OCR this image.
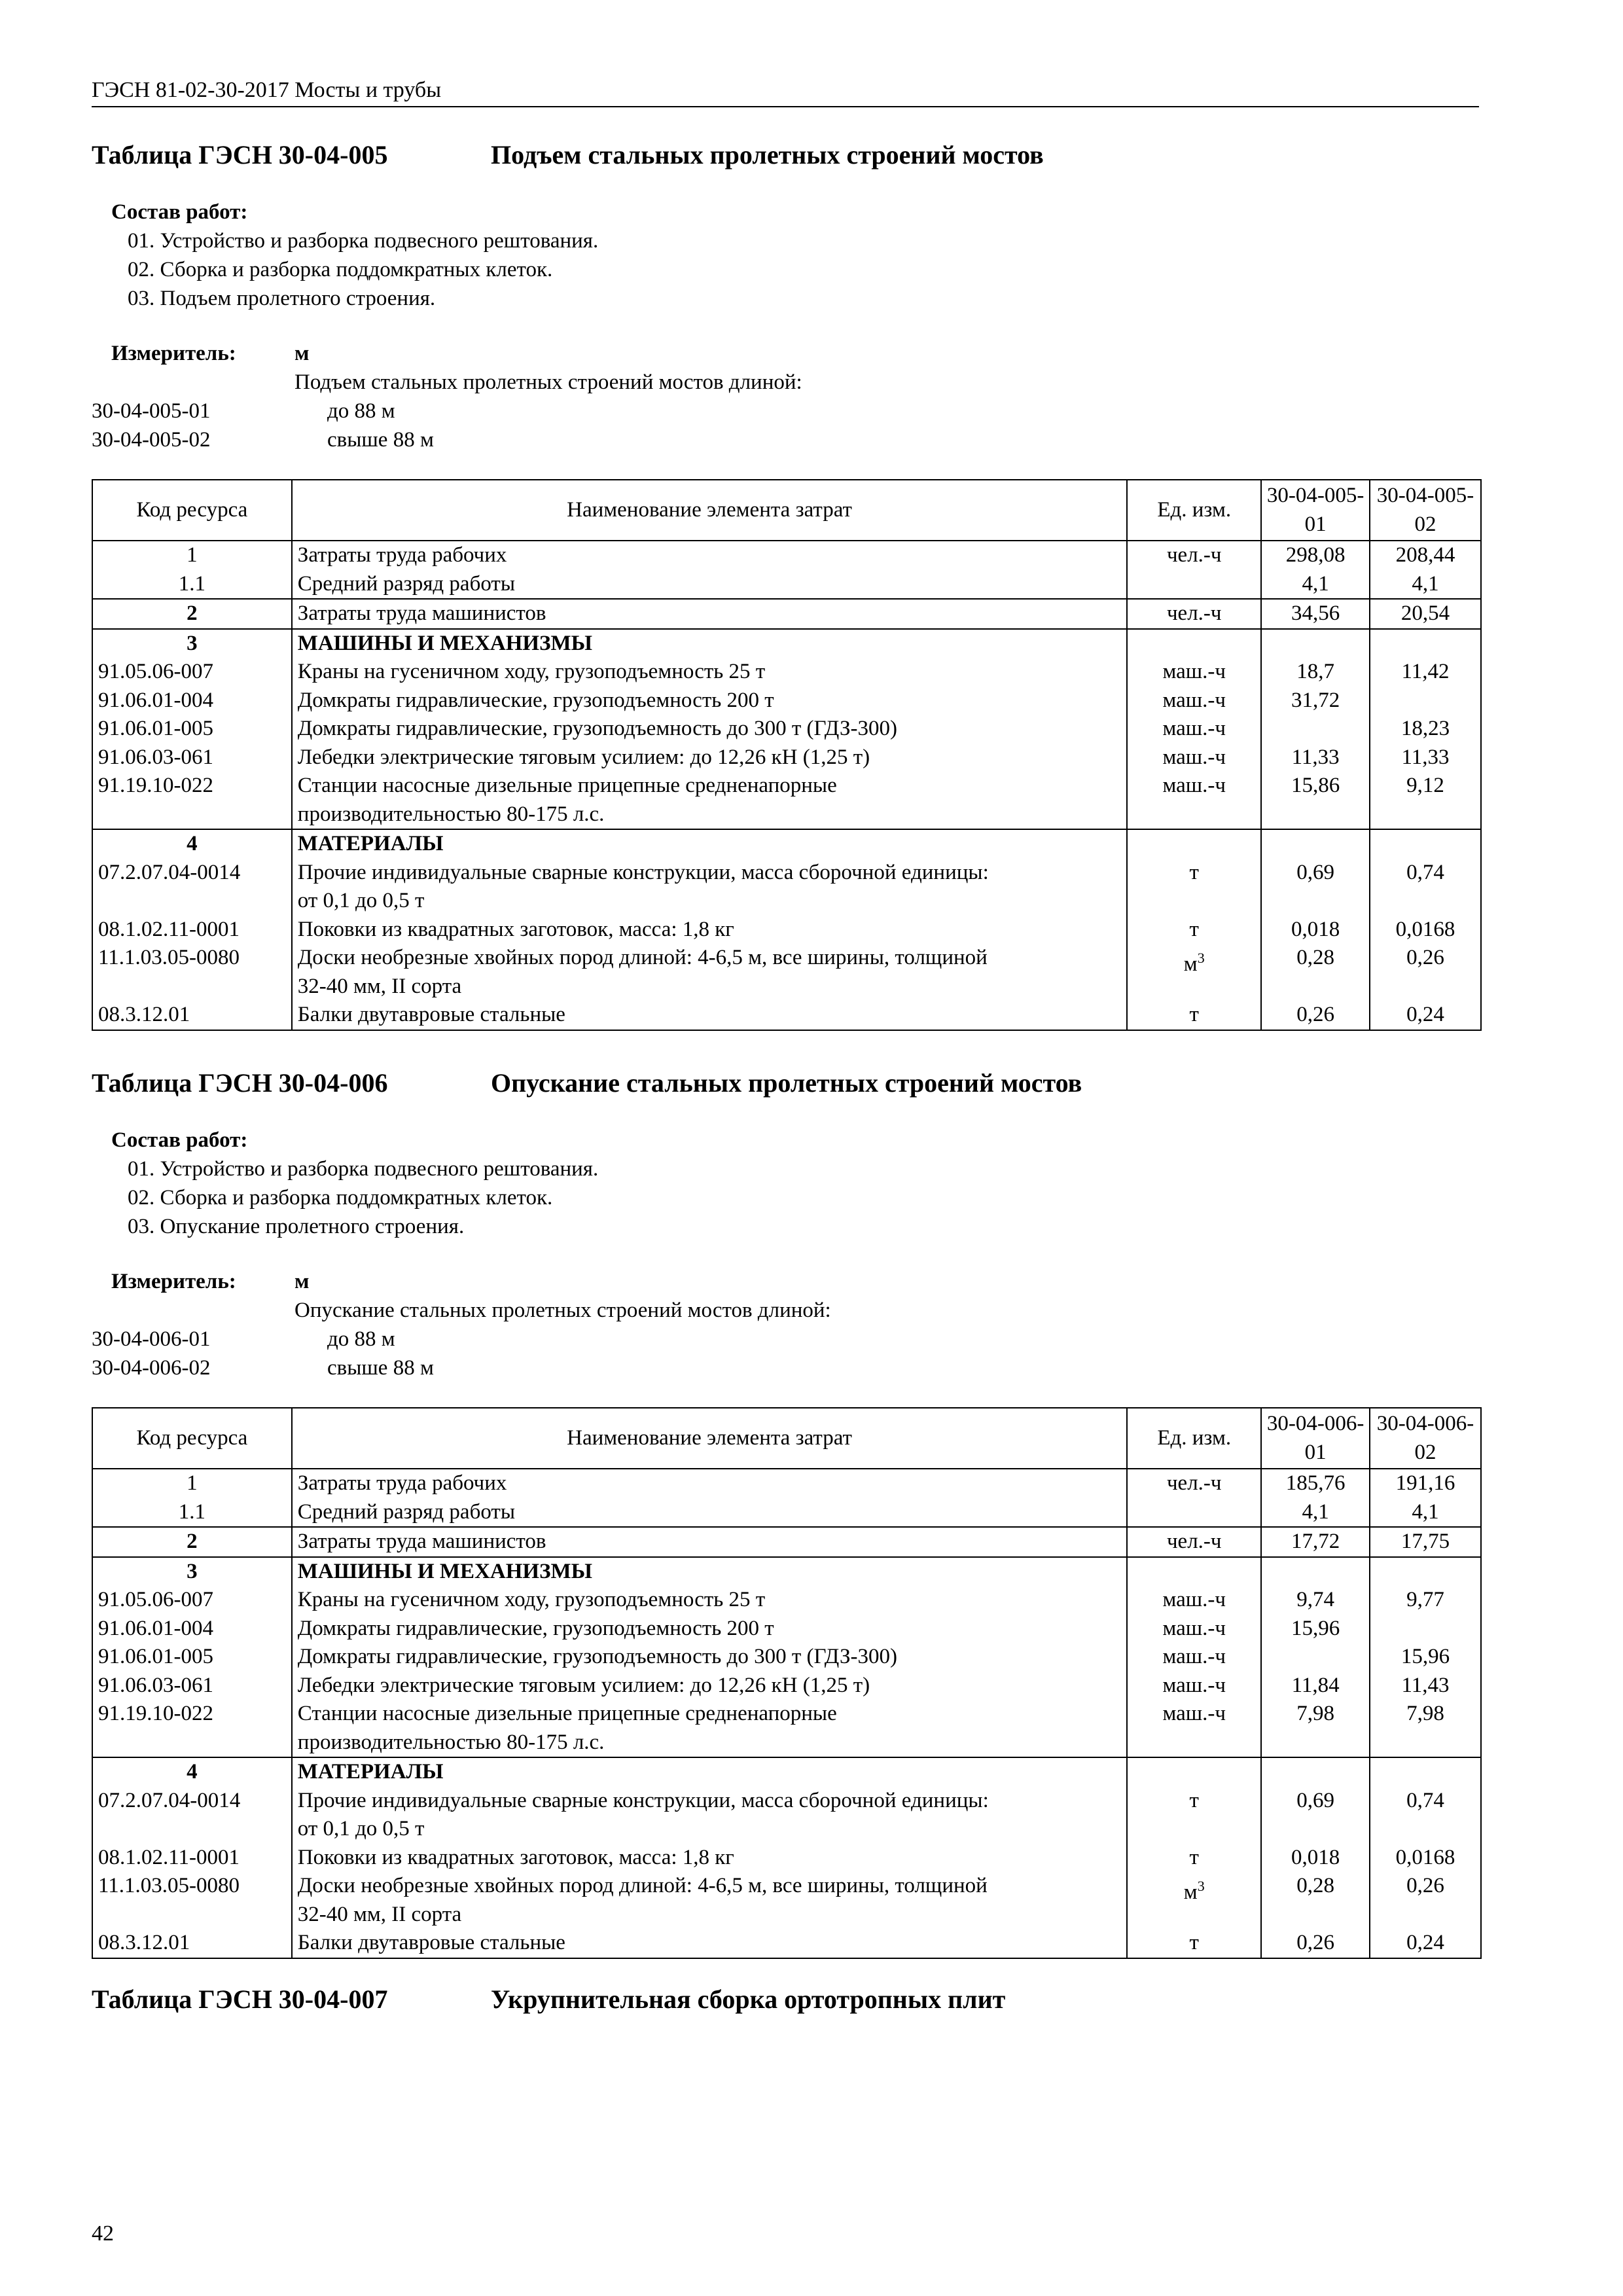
ГЭСН 81-02-30-2017 Мосты и трубы
Таблица ГЭСН 30-04-005	Подъем стальных пролетных строений мостов
Состав работ:
01. Устройство и разборка подвесного рештования.
02. Сборка и разборка поддомкратных клеток.
03. Подъем пролетного строения.
Измеритель:	м
Подъем стальных пролетных строений мостов длиной:
30-04-005-01	до 88 м
30-04-005-02	свыше 88 м
Код ресурса	Наименование элемента затрат	Ед. изм.	30-04-005-01	30-04-005-02
1	Затраты труда рабочих	чел.-ч	298,08	208,44
1.1	Средний разряд работы		4,1	4,1
2	Затраты труда машинистов	чел.-ч	34,56	20,54
3	МАШИНЫ И МЕХАНИЗМЫ			
91.05.06-007	Краны на гусеничном ходу, грузоподъемность 25 т	маш.-ч	18,7	11,42
91.06.01-004	Домкраты гидравлические, грузоподъемность 200 т	маш.-ч	31,72	
91.06.01-005	Домкраты гидравлические, грузоподъемность до 300 т (ГДЗ-300)	маш.-ч		18,23
91.06.03-061	Лебедки электрические тяговым усилием: до 12,26 кН (1,25 т)	маш.-ч	11,33	11,33
91.19.10-022	Станции насосные дизельные прицепные средненапорные
производительностью 80-175 л.с.	маш.-ч	15,86	9,12
4	МАТЕРИАЛЫ			
07.2.07.04-0014	Прочие индивидуальные сварные конструкции, масса сборочной единицы:
от 0,1 до 0,5 т	т	0,69	0,74
08.1.02.11-0001	Поковки из квадратных заготовок, масса: 1,8 кг	т	0,018	0,0168
11.1.03.05-0080	Доски необрезные хвойных пород длиной: 4-6,5 м, все ширины, толщиной
32-40 мм, II сорта	$м^3$	0,28	0,26
08.3.12.01	Балки двутавровые стальные	т	0,26	0,24
Таблица ГЭСН 30-04-006	Опускание стальных пролетных строений мостов
Состав работ:
01. Устройство и разборка подвесного рештования.
02. Сборка и разборка поддомкратных клеток.
03. Опускание пролетного строения.
Измеритель:	м
Опускание стальных пролетных строений мостов длиной:
30-04-006-01	до 88 м
30-04-006-02	свыше 88 м
Код ресурса	Наименование элемента затрат	Ед. изм.	30-04-006-01	30-04-006-02
1	Затраты труда рабочих	чел.-ч	185,76	191,16
1.1	Средний разряд работы		4,1	4,1
2	Затраты труда машинистов	чел.-ч	17,72	17,75
3	МАШИНЫ И МЕХАНИЗМЫ			
91.05.06-007	Краны на гусеничном ходу, грузоподъемность 25 т	маш.-ч	9,74	9,77
91.06.01-004	Домкраты гидравлические, грузоподъемность 200 т	маш.-ч	15,96	
91.06.01-005	Домкраты гидравлические, грузоподъемность до 300 т (ГДЗ-300)	маш.-ч		15,96
91.06.03-061	Лебедки электрические тяговым усилием: до 12,26 кН (1,25 т)	маш.-ч	11,84	11,43
91.19.10-022	Станции насосные дизельные прицепные средненапорные
производительностью 80-175 л.с.	маш.-ч	7,98	7,98
4	МАТЕРИАЛЫ			
07.2.07.04-0014	Прочие индивидуальные сварные конструкции, масса сборочной единицы:
от 0,1 до 0,5 т	т	0,69	0,74
08.1.02.11-0001	Поковки из квадратных заготовок, масса: 1,8 кг	т	0,018	0,0168
11.1.03.05-0080	Доски необрезные хвойных пород длиной: 4-6,5 м, все ширины, толщиной
32-40 мм, II сорта	$м^3$	0,28	0,26
08.3.12.01	Балки двутавровые стальные	т	0,26	0,24
Таблица ГЭСН 30-04-007	Укрупнительная сборка ортотропных плит
42
